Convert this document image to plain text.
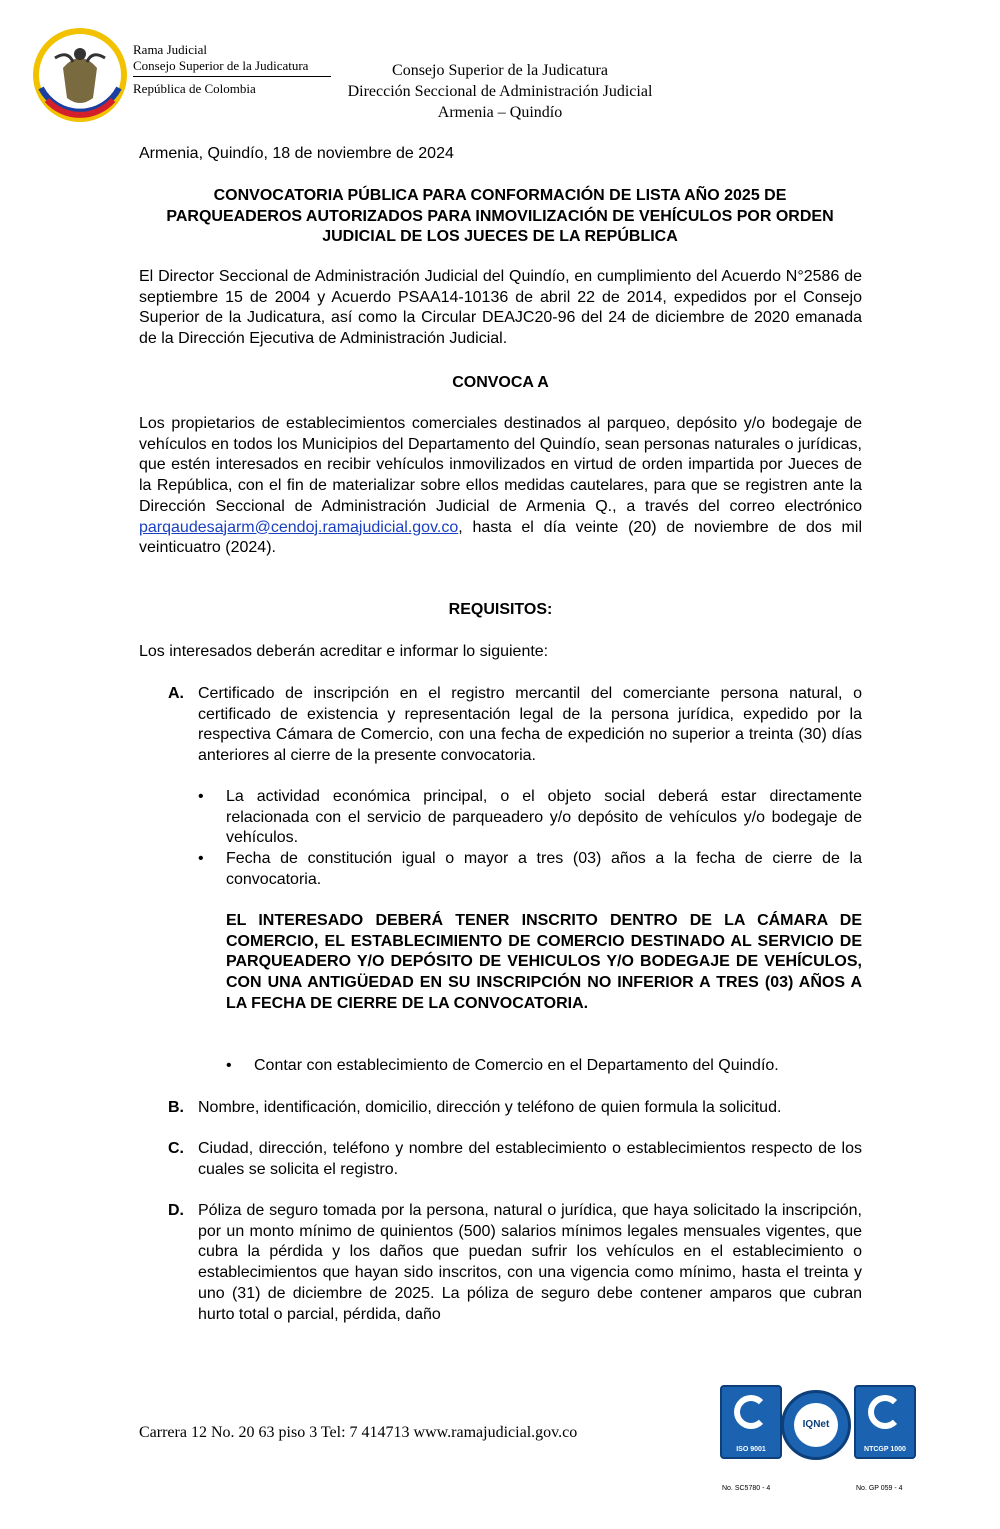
Rama Judicial
Consejo Superior de la Judicatura
República de Colombia
Consejo Superior de la Judicatura
Dirección Seccional de Administración Judicial
Armenia – Quindío
Armenia, Quindío, 18 de noviembre de 2024
CONVOCATORIA PÚBLICA PARA CONFORMACIÓN DE LISTA AÑO 2025 DE PARQUEADEROS AUTORIZADOS PARA INMOVILIZACIÓN DE VEHÍCULOS POR ORDEN JUDICIAL DE LOS JUECES DE LA REPÚBLICA
El Director Seccional de Administración Judicial del Quindío, en cumplimiento del Acuerdo N°2586 de septiembre 15 de 2004 y Acuerdo PSAA14-10136 de abril 22 de 2014, expedidos por el Consejo Superior de la Judicatura, así como la Circular DEAJC20-96 del 24 de diciembre de 2020 emanada de la Dirección Ejecutiva de Administración Judicial.
CONVOCA A
Los propietarios de establecimientos comerciales destinados al parqueo, depósito y/o bodegaje de vehículos en todos los Municipios del Departamento del Quindío, sean personas naturales o jurídicas, que estén interesados en recibir vehículos inmovilizados en virtud de orden impartida por Jueces de la República, con el fin de materializar sobre ellos medidas cautelares, para que se registren ante la Dirección Seccional de Administración Judicial de Armenia Q., a través del correo electrónico parqaudesajarm@cendoj.ramajudicial.gov.co, hasta el día veinte (20) de noviembre de dos mil veinticuatro (2024).
REQUISITOS:
Los interesados deberán acreditar e informar lo siguiente:
A. Certificado de inscripción en el registro mercantil del comerciante persona natural, o certificado de existencia y representación legal de la persona jurídica, expedido por la respectiva Cámara de Comercio, con una fecha de expedición no superior a treinta (30) días anteriores al cierre de la presente convocatoria.
• La actividad económica principal, o el objeto social deberá estar directamente relacionada con el servicio de parqueadero y/o depósito de vehículos y/o bodegaje de vehículos.
• Fecha de constitución igual o mayor a tres (03) años a la fecha de cierre de la convocatoria.
EL INTERESADO DEBERÁ TENER INSCRITO DENTRO DE LA CÁMARA DE COMERCIO, EL ESTABLECIMIENTO DE COMERCIO DESTINADO AL SERVICIO DE PARQUEADERO Y/O DEPÓSITO DE VEHICULOS Y/O BODEGAJE DE VEHÍCULOS, CON UNA ANTIGÜEDAD EN SU INSCRIPCIÓN NO INFERIOR A TRES (03) AÑOS A LA FECHA DE CIERRE DE LA CONVOCATORIA.
• Contar con establecimiento de Comercio en el Departamento del Quindío.
B. Nombre, identificación, domicilio, dirección y teléfono de quien formula la solicitud.
C. Ciudad, dirección, teléfono y nombre del establecimiento o establecimientos respecto de los cuales se solicita el registro.
D. Póliza de seguro tomada por la persona, natural o jurídica, que haya solicitado la inscripción, por un monto mínimo de quinientos (500) salarios mínimos legales mensuales vigentes, que cubra la pérdida y los daños que puedan sufrir los vehículos en el establecimiento o establecimientos que hayan sido inscritos, con una vigencia como mínimo, hasta el treinta y uno (31) de diciembre de 2025. La póliza de seguro debe contener amparos que cubran hurto total o parcial, pérdida, daño
Carrera 12 No. 20 63 piso 3 Tel: 7 414713 www.ramajudicial.gov.co
ISO 9001
No. SC5780 - 4
IQNet
NTCGP 1000
No. GP 059 - 4
